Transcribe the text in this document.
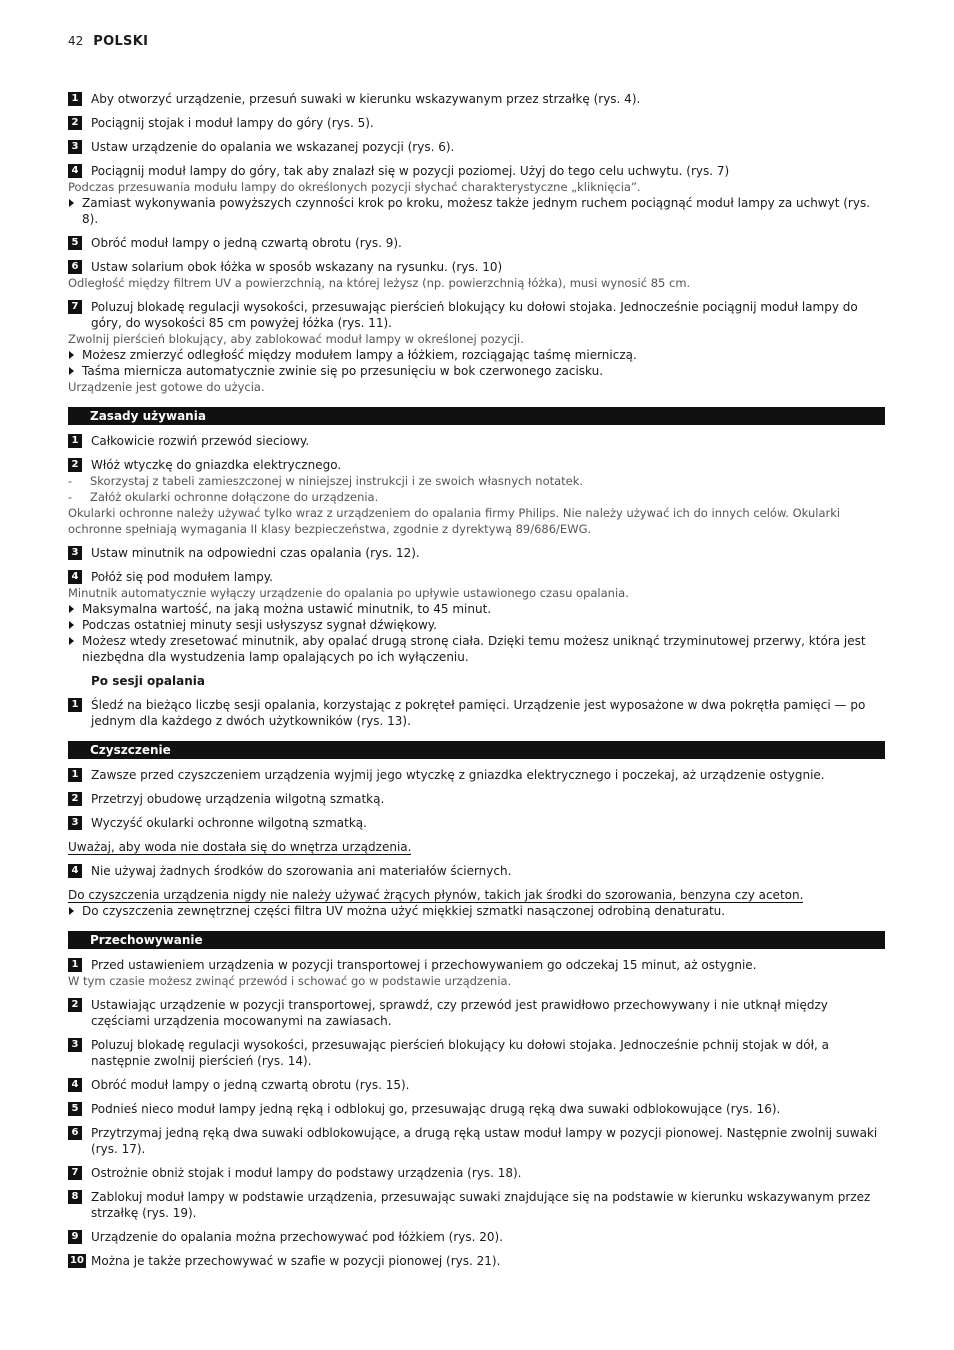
42 POLSKI
1 Aby otworzyć urządzenie, przesuń suwaki w kierunku wskazywanym przez strzałkę (rys. 4).
2 Pociągnij stojak i moduł lampy do góry (rys. 5).
3 Ustaw urządzenie do opalania we wskazanej pozycji (rys. 6).
4 Pociągnij moduł lampy do góry, tak aby znalazł się w pozycji poziomej. Użyj do tego celu uchwytu. (rys. 7)
Podczas przesuwania modułu lampy do określonych pozycji słychać charakterystyczne „kliknięcia”.
Zamiast wykonywania powyższych czynności krok po kroku, możesz także jednym ruchem pociągnąć moduł lampy za uchwyt (rys. 8).
5 Obróć moduł lampy o jedną czwartą obrotu (rys. 9).
6 Ustaw solarium obok łóżka w sposób wskazany na rysunku. (rys. 10)
Odległość między filtrem UV a powierzchnią, na której leżysz (np. powierzchnią łóżka), musi wynosić 85 cm.
7 Poluzuj blokadę regulacji wysokości, przesuwając pierścień blokujący ku dołowi stojaka. Jednocześnie pociągnij moduł lampy do góry, do wysokości 85 cm powyżej łóżka (rys. 11).
Zwolnij pierścień blokujący, aby zablokować moduł lampy w określonej pozycji.
Możesz zmierzyć odległość między modułem lampy a łóżkiem, rozciągając taśmę mierniczą.
Taśma miernicza automatycznie zwinie się po przesunięciu w bok czerwonego zacisku.
Urządzenie jest gotowe do użycia.
Zasady używania
1 Całkowicie rozwiń przewód sieciowy.
2 Włóż wtyczkę do gniazdka elektrycznego.
- Skorzystaj z tabeli zamieszczonej w niniejszej instrukcji i ze swoich własnych notatek.
- Załóż okularki ochronne dołączone do urządzenia.
Okularki ochronne należy używać tylko wraz z urządzeniem do opalania firmy Philips. Nie należy używać ich do innych celów. Okularki ochronne spełniają wymagania II klasy bezpieczeństwa, zgodnie z dyrektywą 89/686/EWG.
3 Ustaw minutnik na odpowiedni czas opalania (rys. 12).
4 Połóż się pod modułem lampy.
Minutnik automatycznie wyłączy urządzenie do opalania po upływie ustawionego czasu opalania.
Maksymalna wartość, na jaką można ustawić minutnik, to 45 minut.
Podczas ostatniej minuty sesji usłyszysz sygnał dźwiękowy.
Możesz wtedy zresetować minutnik, aby opalać drugą stronę ciała. Dzięki temu możesz uniknąć trzyminutowej przerwy, która jest niezbędna dla wystudzenia lamp opalających po ich wyłączeniu.
Po sesji opalania
1 Śledź na bieżąco liczbę sesji opalania, korzystając z pokręteł pamięci. Urządzenie jest wyposażone w dwa pokrętła pamięci — po jednym dla każdego z dwóch użytkowników (rys. 13).
Czyszczenie
1 Zawsze przed czyszczeniem urządzenia wyjmij jego wtyczkę z gniazdka elektrycznego i poczekaj, aż urządzenie ostygnie.
2 Przetrzyj obudowę urządzenia wilgotną szmatką.
3 Wyczyść okularki ochronne wilgotną szmatką.
Uważaj, aby woda nie dostała się do wnętrza urządzenia.
4 Nie używaj żadnych środków do szorowania ani materiałów ściernych.
Do czyszczenia urządzenia nigdy nie należy używać żrących płynów, takich jak środki do szorowania, benzyna czy aceton.
Do czyszczenia zewnętrznej części filtra UV można użyć miękkiej szmatki nasączonej odrobiną denaturatu.
Przechowywanie
1 Przed ustawieniem urządzenia w pozycji transportowej i przechowywaniem go odczekaj 15 minut, aż ostygnie.
W tym czasie możesz zwinąć przewód i schować go w podstawie urządzenia.
2 Ustawiając urządzenie w pozycji transportowej, sprawdź, czy przewód jest prawidłowo przechowywany i nie utknął między częściami urządzenia mocowanymi na zawiasach.
3 Poluzuj blokadę regulacji wysokości, przesuwając pierścień blokujący ku dołowi stojaka. Jednocześnie pchnij stojak w dół, a następnie zwolnij pierścień (rys. 14).
4 Obróć moduł lampy o jedną czwartą obrotu (rys. 15).
5 Podnieś nieco moduł lampy jedną ręką i odblokuj go, przesuwając drugą ręką dwa suwaki odblokowujące (rys. 16).
6 Przytrzymaj jedną ręką dwa suwaki odblokowujące, a drugą ręką ustaw moduł lampy w pozycji pionowej. Następnie zwolnij suwaki (rys. 17).
7 Ostrożnie obniż stojak i moduł lampy do podstawy urządzenia (rys. 18).
8 Zablokuj moduł lampy w podstawie urządzenia, przesuwając suwaki znajdujące się na podstawie w kierunku wskazywanym przez strzałkę (rys. 19).
9 Urządzenie do opalania można przechowywać pod łóżkiem (rys. 20).
10 Można je także przechowywać w szafie w pozycji pionowej (rys. 21).
